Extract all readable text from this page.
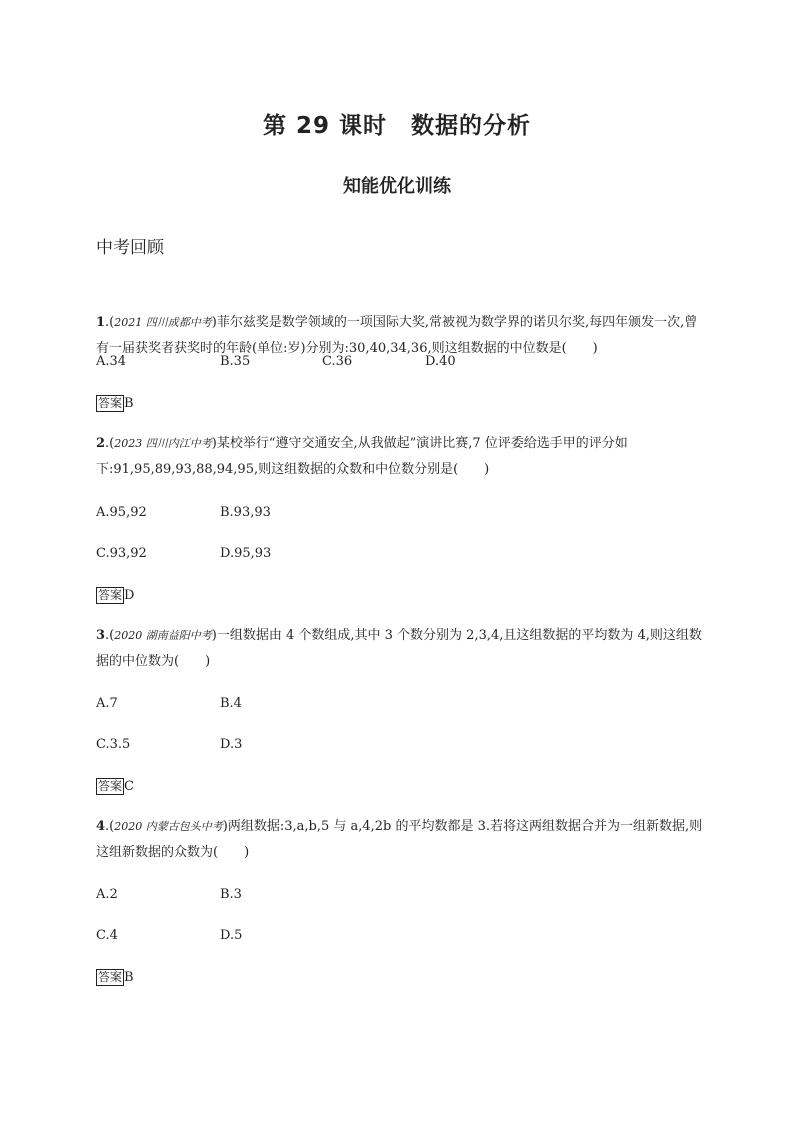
第 29 课时　数据的分析
知能优化训练
中考回顾
1.(2021 四川成都中考)菲尔兹奖是数学领域的一项国际大奖,常被视为数学界的诺贝尔奖,每四年颁发一次,曾有一届获奖者获奖时的年龄(单位:岁)分别为:30,40,34,36,则这组数据的中位数是(　　)
A.34	B.35	C.36	D.40
答案 B
2.(2023 四川内江中考)某校举行“遵守交通安全,从我做起”演讲比赛,7 位评委给选手甲的评分如下:91,95,89,93,88,94,95,则这组数据的众数和中位数分别是(　　)
A.95,92	B.93,93
C.93,92	D.95,93
答案 D
3.(2020 湖南益阳中考)一组数据由 4 个数组成,其中 3 个数分别为 2,3,4,且这组数据的平均数为 4,则这组数据的中位数为(　　)
A.7	B.4
C.3.5	D.3
答案 C
4.(2020 内蒙古包头中考)两组数据:3,a,b,5 与 a,4,2b 的平均数都是 3.若将这两组数据合并为一组新数据,则这组新数据的众数为(　　)
A.2	B.3
C.4	D.5
答案 B
